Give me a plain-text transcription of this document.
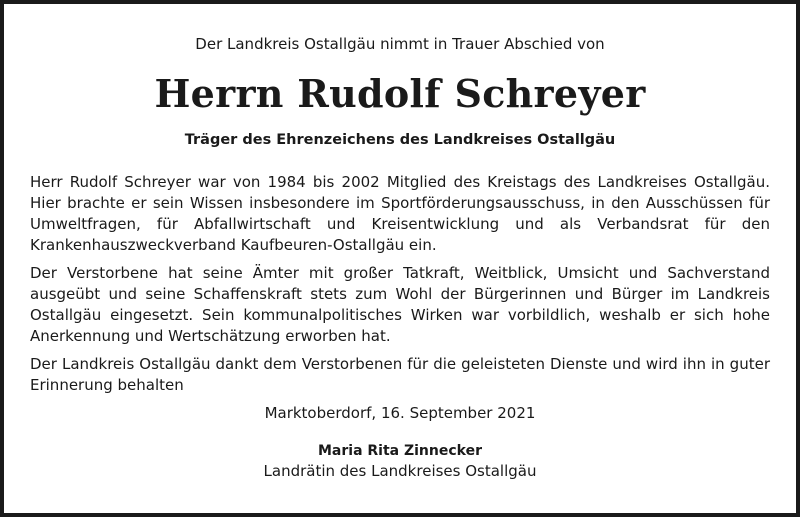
Der Landkreis Ostallgäu nimmt in Trauer Abschied von
Herrn Rudolf Schreyer
Träger des Ehrenzeichens des Landkreises Ostallgäu

Herr Rudolf Schreyer war von 1984 bis 2002 Mitglied des Kreistags des Landkreises Ostallgäu. Hier brachte er sein Wissen insbesondere im Sportförderungsausschuss, in den Ausschüssen für Umweltfragen, für Abfallwirtschaft und Kreisentwicklung und als Verbandsrat für den Krankenhauszweckverband Kaufbeuren-Ostallgäu ein.

Der Verstorbene hat seine Ämter mit großer Tatkraft, Weitblick, Umsicht und Sachverstand ausgeübt und seine Schaffenskraft stets zum Wohl der Bürgerinnen und Bürger im Landkreis Ostallgäu eingesetzt. Sein kommunalpolitisches Wirken war vorbildlich, weshalb er sich hohe Anerkennung und Wertschätzung erworben hat.

Der Landkreis Ostallgäu dankt dem Verstorbenen für die geleisteten Dienste und wird ihn in guter Erinnerung behalten

Marktoberdorf, 16. September 2021
Maria Rita Zinnecker
Landrätin des Landkreises Ostallgäu
